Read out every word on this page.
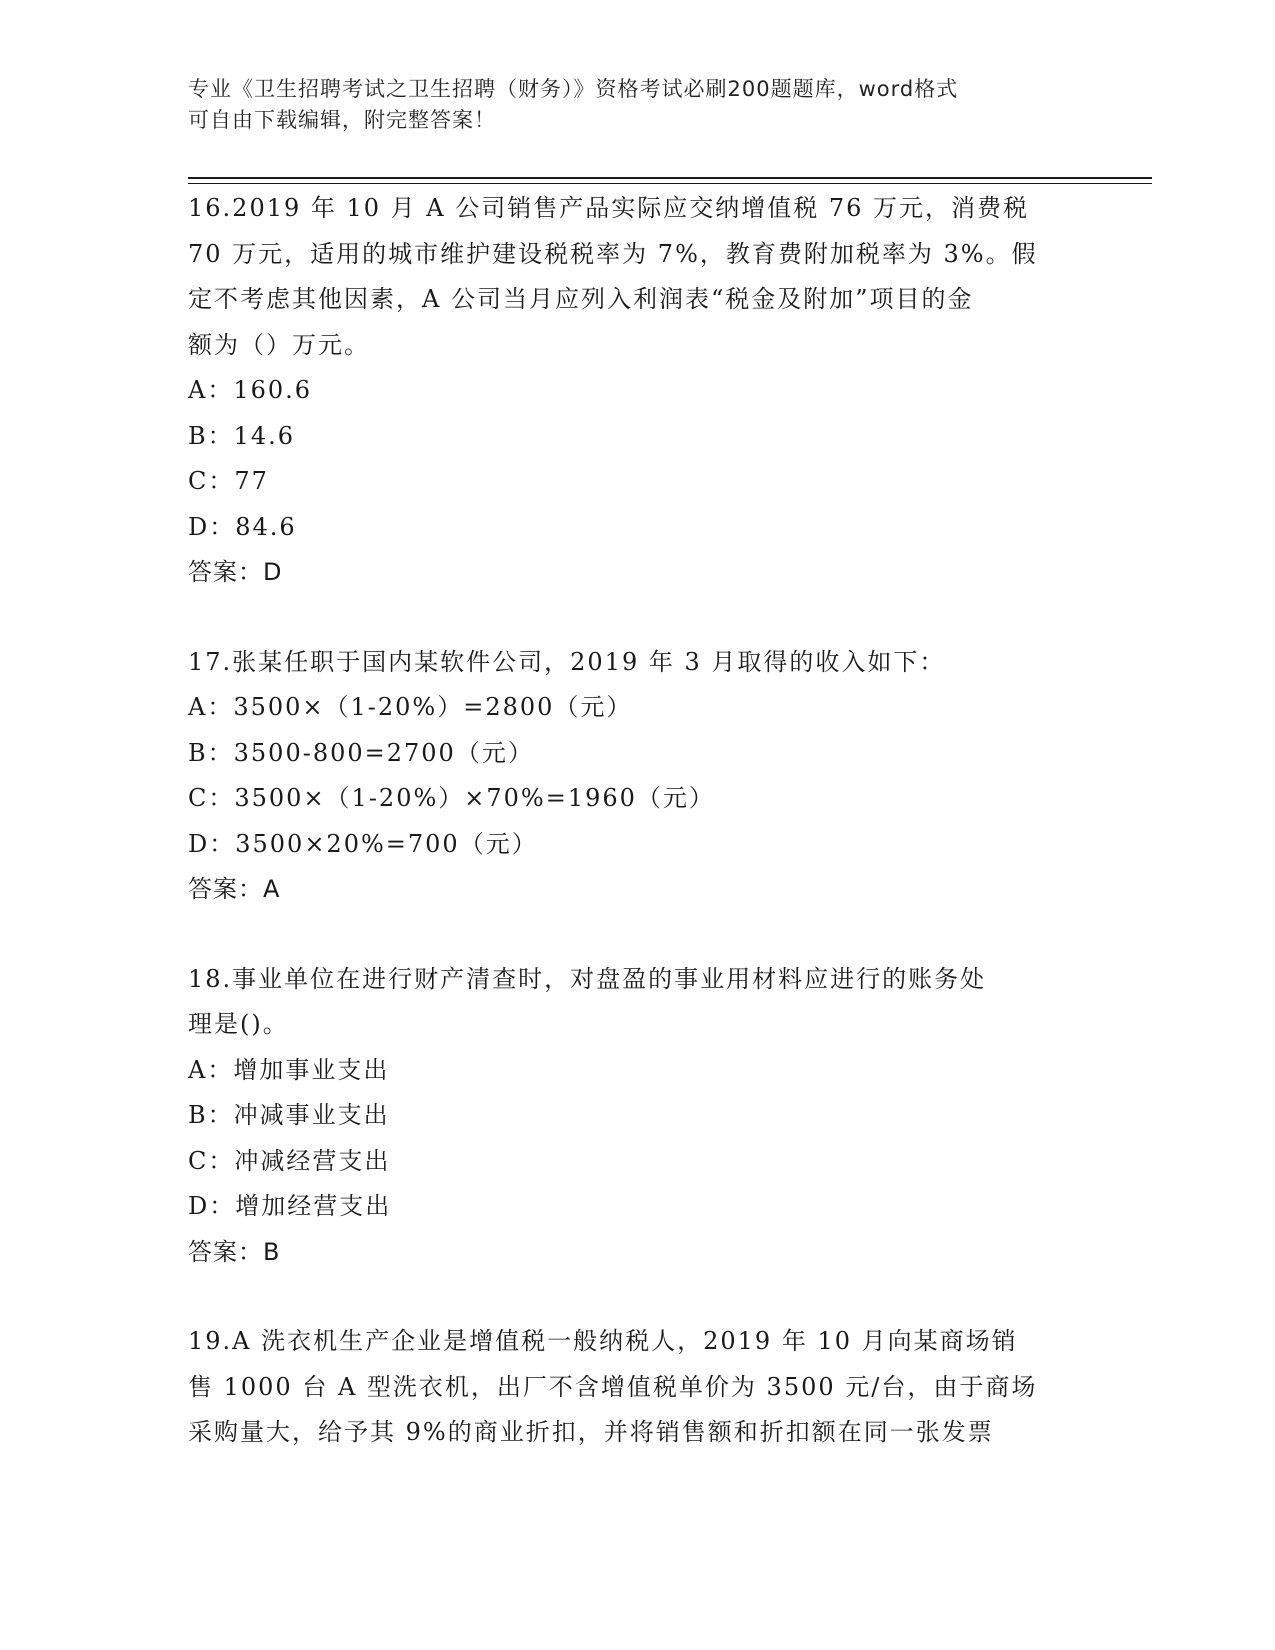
专业《卫生招聘考试之卫生招聘（财务）》资格考试必刷200题题库，word格式
可自由下载编辑，附完整答案！
16.2019 年 10 月 A 公司销售产品实际应交纳增值税 76 万元，消费税
70 万元，适用的城市维护建设税税率为 7%，教育费附加税率为 3%。假
定不考虑其他因素，A 公司当月应列入利润表“税金及附加”项目的金
额为（）万元。
A：160.6
B：14.6
C：77
D：84.6
答案：D
17.张某任职于国内某软件公司，2019 年 3 月取得的收入如下：
A：3500×（1-20%）=2800（元）
B：3500-800=2700（元）
C：3500×（1-20%）×70%=1960（元）
D：3500×20%=700（元）
答案：A
18.事业单位在进行财产清查时，对盘盈的事业用材料应进行的账务处
理是()。
A：增加事业支出
B：冲减事业支出
C：冲减经营支出
D：增加经营支出
答案：B
19.A 洗衣机生产企业是增值税一般纳税人，2019 年 10 月向某商场销
售 1000 台 A 型洗衣机，出厂不含增值税单价为 3500 元/台，由于商场
采购量大，给予其 9%的商业折扣，并将销售额和折扣额在同一张发票
